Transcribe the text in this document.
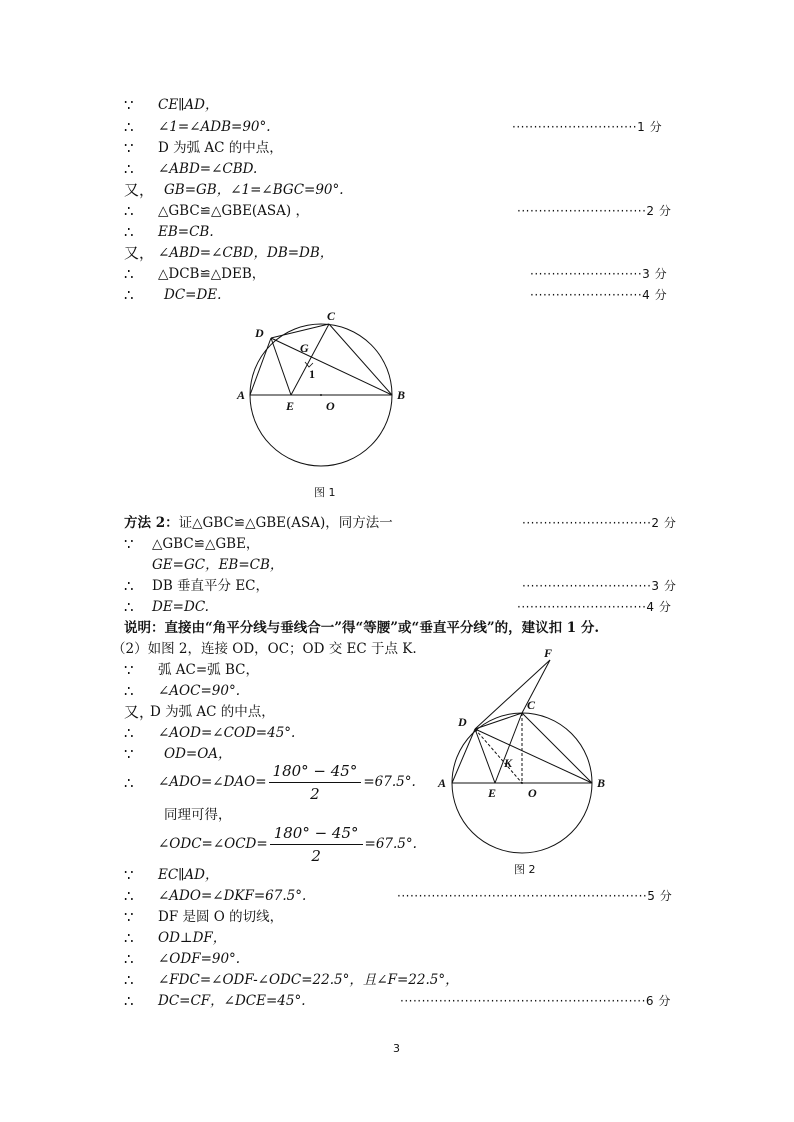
∵ CE∥AD，
∴ ∠1=∠ADB=90°.	·····························1 分
∵ D 为弧 AC 的中点，
∴ ∠ABD=∠CBD.
又， GB=GB，∠1=∠BGC=90°.
∴ △GBC≌△GBE(ASA) ，	······························2 分
∴ EB=CB.
又， ∠ABD=∠CBD，DB=DB，
∴ △DCB≌△DEB，	··························3 分
∴ DC=DE.	··························4 分
A	B
C
D
E	O
G
1
图 1
方法 2：证△GBC≌△GBE(ASA)，同方法一	······························2 分
∵ △GBC≌△GBE，
GE=GC，EB=CB，
∴ DB 垂直平分 EC，	······························3 分
∴ DE=DC.	······························4 分
说明：直接由“角平分线与垂线合一”得“等腰”或“垂直平分线”的，建议扣 1 分.
（2）如图 2，连接 OD，OC；OD 交 EC 于点 K.
∵ 弧 AC=弧 BC，
∴ ∠AOC=90°.
又，
D 为弧 AC 的中点，
∴ ∠AOD=∠COD=45°.
∵ OD=OA，
∴ ∠ADO=∠DAO= $\frac{180^\circ - 45^\circ}{2} =67.5^\circ$.
同理可得，
∠ODC=∠OCD= $\frac{180^\circ - 45^\circ}{2} =67.5^\circ$.
∵ EC∥AD，
∴ ∠ADO=∠DKF=67.5°.	··························································5 分
∵ DF 是圆 O 的切线，
∴ OD⊥DF，
∴ ∠ODF=90°.
∴ ∠FDC=∠ODF-∠ODC=22.5°，且∠F=22.5°，
∴ DC=CF，∠DCE=45°.	·························································6 分
A	B
C
D
E	O
K
F
图 2
3
